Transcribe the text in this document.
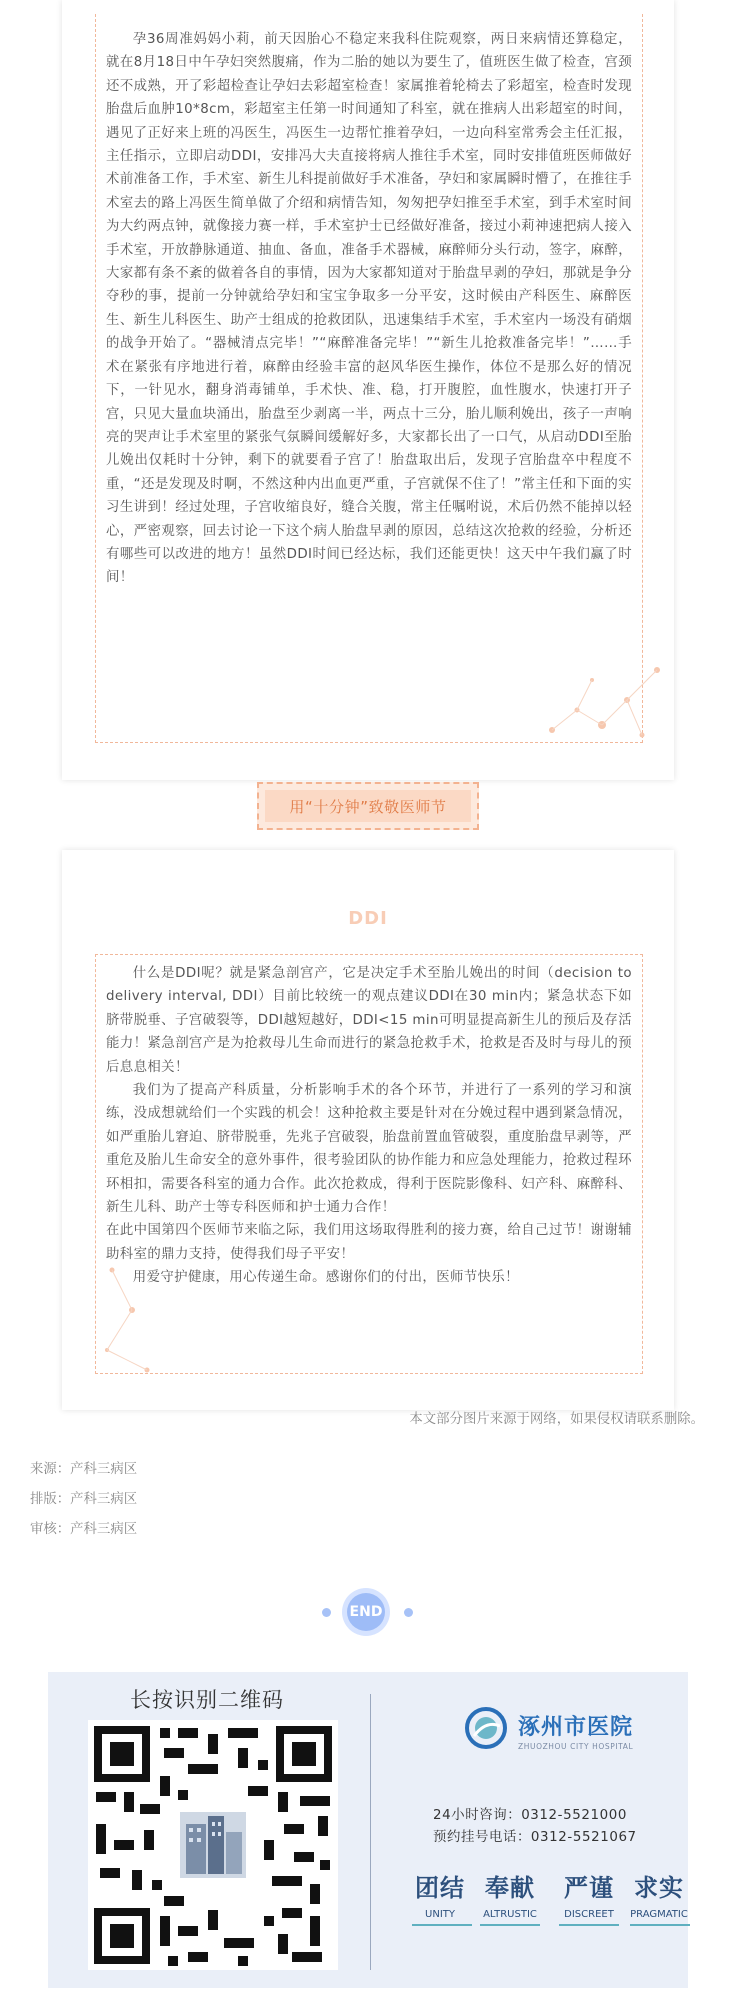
孕36周准妈妈小莉，前天因胎心不稳定来我科住院观察，两日来病情还算稳定，就在8月18日中午孕妇突然腹痛，作为二胎的她以为要生了，值班医生做了检查，宫颈还不成熟，开了彩超检查让孕妇去彩超室检查！家属推着轮椅去了彩超室，检查时发现胎盘后血肿10*8cm，彩超室主任第一时间通知了科室，就在推病人出彩超室的时间，遇见了正好来上班的冯医生，冯医生一边帮忙推着孕妇，一边向科室常秀会主任汇报，主任指示，立即启动DDI，安排冯大夫直接将病人推往手术室，同时安排值班医师做好术前准备工作，手术室、新生儿科提前做好手术准备，孕妇和家属瞬时懵了，在推往手术室去的路上冯医生简单做了介绍和病情告知，匆匆把孕妇推至手术室，到手术室时间为大约两点钟，就像接力赛一样，手术室护士已经做好准备，接过小莉神速把病人接入手术室，开放静脉通道、抽血、备血，准备手术器械，麻醉师分头行动，签字，麻醉，大家都有条不紊的做着各自的事情，因为大家都知道对于胎盘早剥的孕妇，那就是争分夺秒的事，提前一分钟就给孕妇和宝宝争取多一分平安，这时候由产科医生、麻醉医生、新生儿科医生、助产士组成的抢救团队，迅速集结手术室，手术室内一场没有硝烟的战争开始了。“器械清点完毕！”“麻醉准备完毕！”“新生儿抢救准备完毕！”……手术在紧张有序地进行着，麻醉由经验丰富的赵风华医生操作，体位不是那么好的情况下，一针见水，翻身消毒铺单，手术快、准、稳，打开腹腔，血性腹水，快速打开子宫，只见大量血块涌出，胎盘至少剥离一半，两点十三分，胎儿顺利娩出，孩子一声响亮的哭声让手术室里的紧张气氛瞬间缓解好多，大家都长出了一口气，从启动DDI至胎儿娩出仅耗时十分钟，剩下的就要看子宫了！胎盘取出后，发现子宫胎盘卒中程度不重，“还是发现及时啊，不然这种内出血更严重，子宫就保不住了！”常主任和下面的实习生讲到！经过处理，子宫收缩良好，缝合关腹，常主任嘱咐说，术后仍然不能掉以轻心，严密观察，回去讨论一下这个病人胎盘早剥的原因，总结这次抢救的经验，分析还有哪些可以改进的地方！虽然DDI时间已经达标，我们还能更快！这天中午我们赢了时间！

用“十分钟”致敬医师节
DDI

什么是DDI呢？就是紧急剖宫产，它是决定手术至胎儿娩出的时间（decision to delivery interval, DDI）目前比较统一的观点建议DDI在30 min内；紧急状态下如脐带脱垂、子宫破裂等，DDI越短越好，DDI<15 min可明显提高新生儿的预后及存活能力！紧急剖宫产是为抢救母儿生命而进行的紧急抢救手术，抢救是否及时与母儿的预后息息相关！

我们为了提高产科质量，分析影响手术的各个环节，并进行了一系列的学习和演练，没成想就给们一个实践的机会！这种抢救主要是针对在分娩过程中遇到紧急情况，如严重胎儿窘迫、脐带脱垂，先兆子宫破裂，胎盘前置血管破裂，重度胎盘早剥等，严重危及胎儿生命安全的意外事件，很考验团队的协作能力和应急处理能力，抢救过程环环相扣，需要各科室的通力合作。此次抢救成，得利于医院影像科、妇产科、麻醉科、新生儿科、助产士等专科医师和护士通力合作！

在此中国第四个医师节来临之际，我们用这场取得胜利的接力赛，给自己过节！谢谢辅助科室的鼎力支持，使得我们母子平安！

用爱守护健康，用心传递生命。感谢你们的付出，医师节快乐！

本文部分图片来源于网络，如果侵权请联系删除。
来源：产科三病区
排版：产科三病区
审核：产科三病区
END
长按识别二维码
涿州市医院
ZHUOZHOU CITY HOSPITAL
24小时咨询：0312-5521000
预约挂号电话：0312-5521067
团结
UNITY
奉献
ALTRUSTIC
严谨
DISCREET
求实
PRAGMATIC
